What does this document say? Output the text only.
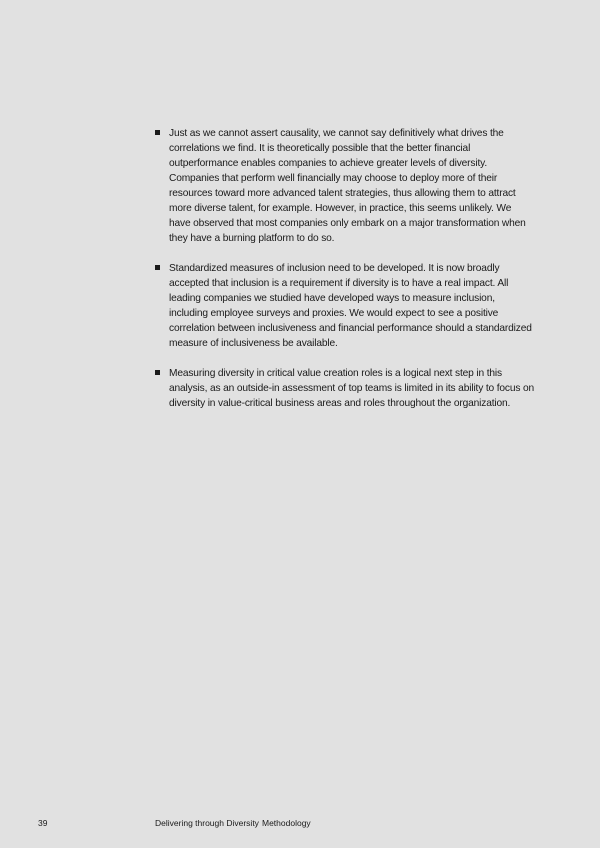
Just as we cannot assert causality, we cannot say definitively what drives the correlations we find. It is theoretically possible that the better financial outperformance enables companies to achieve greater levels of diversity. Companies that perform well financially may choose to deploy more of their resources toward more advanced talent strategies, thus allowing them to attract more diverse talent, for example. However, in practice, this seems unlikely. We have observed that most companies only embark on a major transformation when they have a burning platform to do so.
Standardized measures of inclusion need to be developed. It is now broadly accepted that inclusion is a requirement if diversity is to have a real impact. All leading companies we studied have developed ways to measure inclusion, including employee surveys and proxies. We would expect to see a positive correlation between inclusiveness and financial performance should a standardized measure of inclusiveness be available.
Measuring diversity in critical value creation roles is a logical next step in this analysis, as an outside-in assessment of top teams is limited in its ability to focus on diversity in value-critical business areas and roles throughout the organization.
39	Delivering through Diversity Methodology
